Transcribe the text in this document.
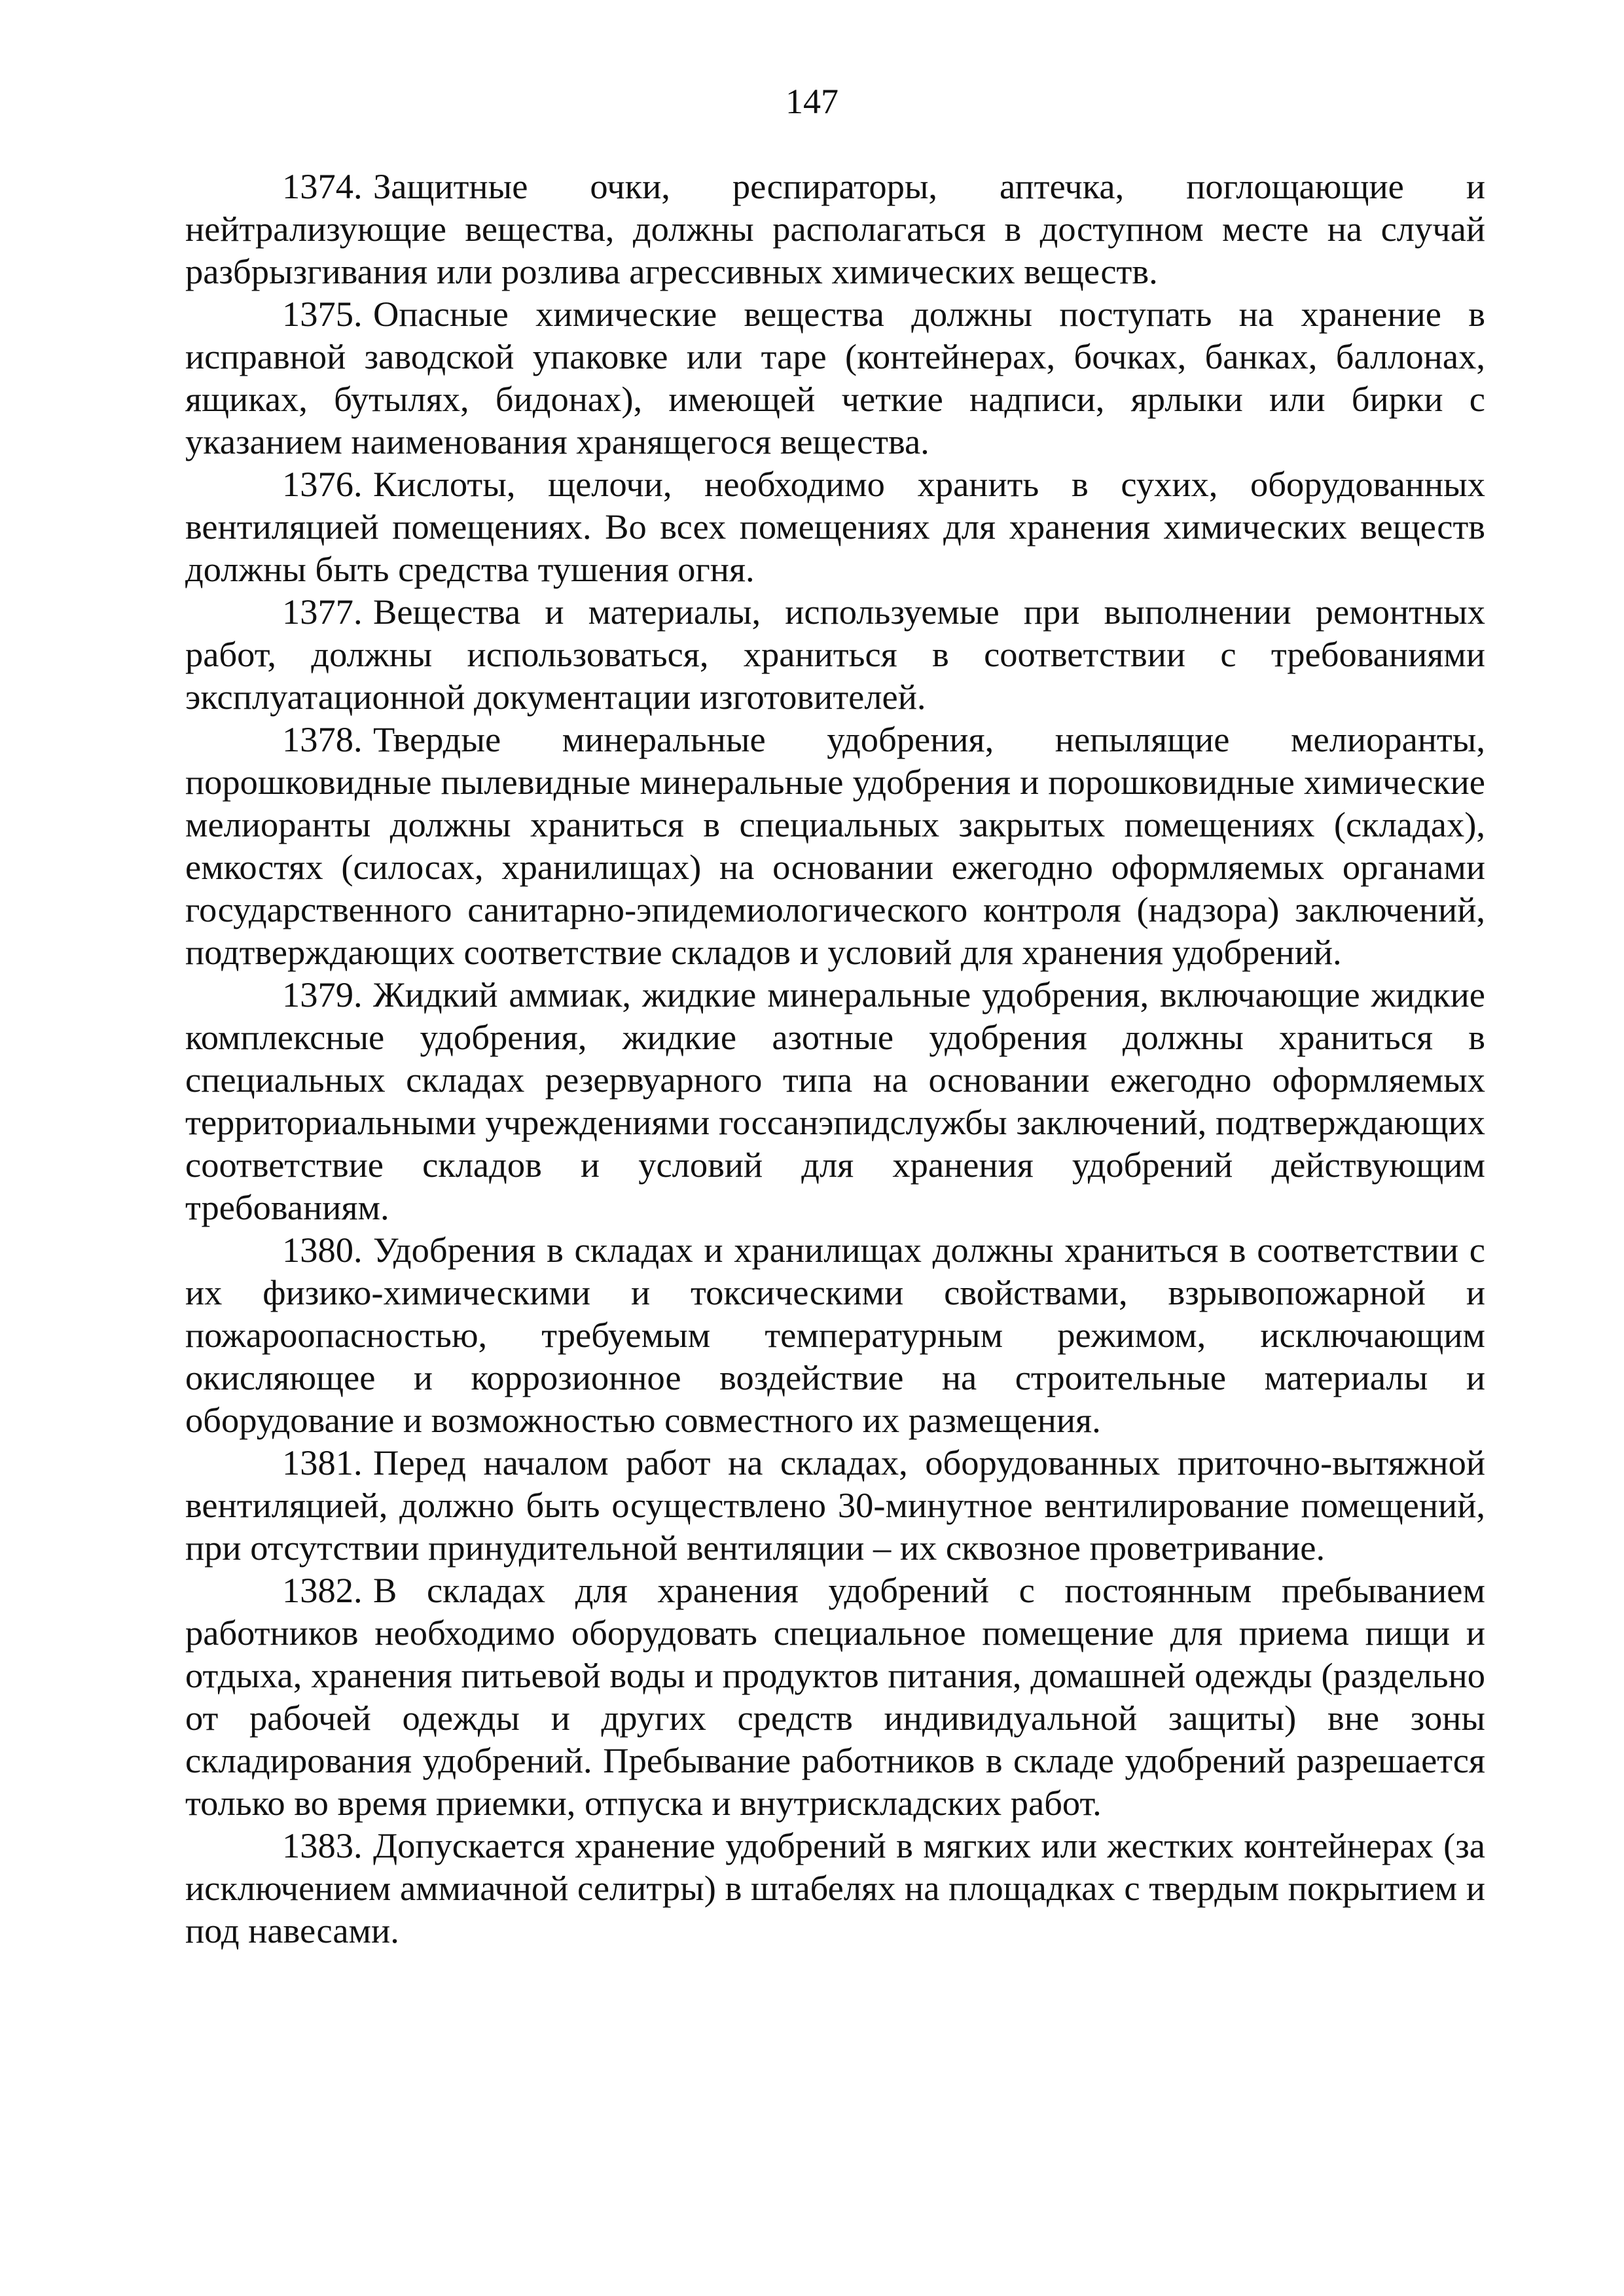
147

1374. Защитные очки, респираторы, аптечка, поглощающие и нейтрализующие вещества, должны располагаться в доступном месте на случай разбрызгивания или розлива агрессивных химических веществ.

1375. Опасные химические вещества должны поступать на хранение в исправной заводской упаковке или таре (контейнерах, бочках, банках, баллонах, ящиках, бутылях, бидонах), имеющей четкие надписи, ярлыки или бирки с указанием наименования хранящегося вещества.

1376. Кислоты, щелочи, необходимо хранить в сухих, оборудованных вентиляцией помещениях. Во всех помещениях для хранения химических веществ должны быть средства тушения огня.

1377. Вещества и материалы, используемые при выполнении ремонтных работ, должны использоваться, храниться в соответствии с требованиями эксплуатационной документации изготовителей.

1378. Твердые минеральные удобрения, непылящие мелиоранты, порошковидные пылевидные минеральные удобрения и порошковидные химические мелиоранты должны храниться в специальных закрытых помещениях (складах), емкостях (силосах, хранилищах) на основании ежегодно оформляемых органами государственного санитарно-эпидемиологического контроля (надзора) заключений, подтверждающих соответствие складов и условий для хранения удобрений.

1379. Жидкий аммиак, жидкие минеральные удобрения, включающие жидкие комплексные удобрения, жидкие азотные удобрения должны храниться в специальных складах резервуарного типа на основании ежегодно оформляемых территориальными учреждениями госсанэпидслужбы заключений, подтверждающих соответствие складов и условий для хранения удобрений действующим требованиям.

1380. Удобрения в складах и хранилищах должны храниться в соответствии с их физико-химическими и токсическими свойствами, взрывопожарной и пожароопасностью, требуемым температурным режимом, исключающим окисляющее и коррозионное воздействие на строительные материалы и оборудование и возможностью совместного их размещения.

1381. Перед началом работ на складах, оборудованных приточно-вытяжной вентиляцией, должно быть осуществлено 30-минутное вентилирование помещений, при отсутствии принудительной вентиляции – их сквозное проветривание.

1382. В складах для хранения удобрений с постоянным пребыванием работников необходимо оборудовать специальное помещение для приема пищи и отдыха, хранения питьевой воды и продуктов питания, домашней одежды (раздельно от рабочей одежды и других средств индивидуальной защиты) вне зоны складирования удобрений. Пребывание работников в складе удобрений разрешается только во время приемки, отпуска и внутрискладских работ.

1383. Допускается хранение удобрений в мягких или жестких контейнерах (за исключением аммиачной селитры) в штабелях на площадках с твердым покрытием и под навесами.
